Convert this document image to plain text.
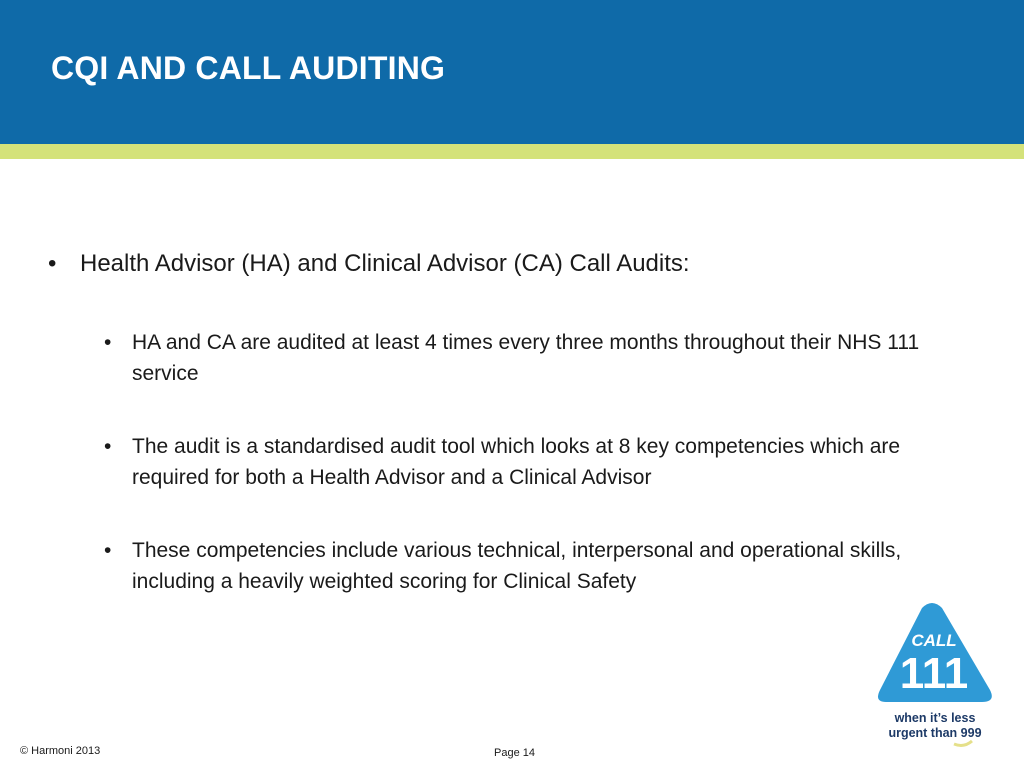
CQI AND CALL AUDITING
• Health Advisor (HA) and Clinical Advisor (CA) Call Audits:
• HA and CA are audited at least 4 times every three months throughout their NHS 111 service
• The audit is a standardised audit tool which looks at 8 key competencies which are required for both a Health Advisor and a Clinical Advisor
• These competencies include various technical, interpersonal and operational skills, including a heavily weighted scoring for Clinical Safety
CALL
111
when it’s less
urgent than 999
© Harmoni 2013	Page 14
